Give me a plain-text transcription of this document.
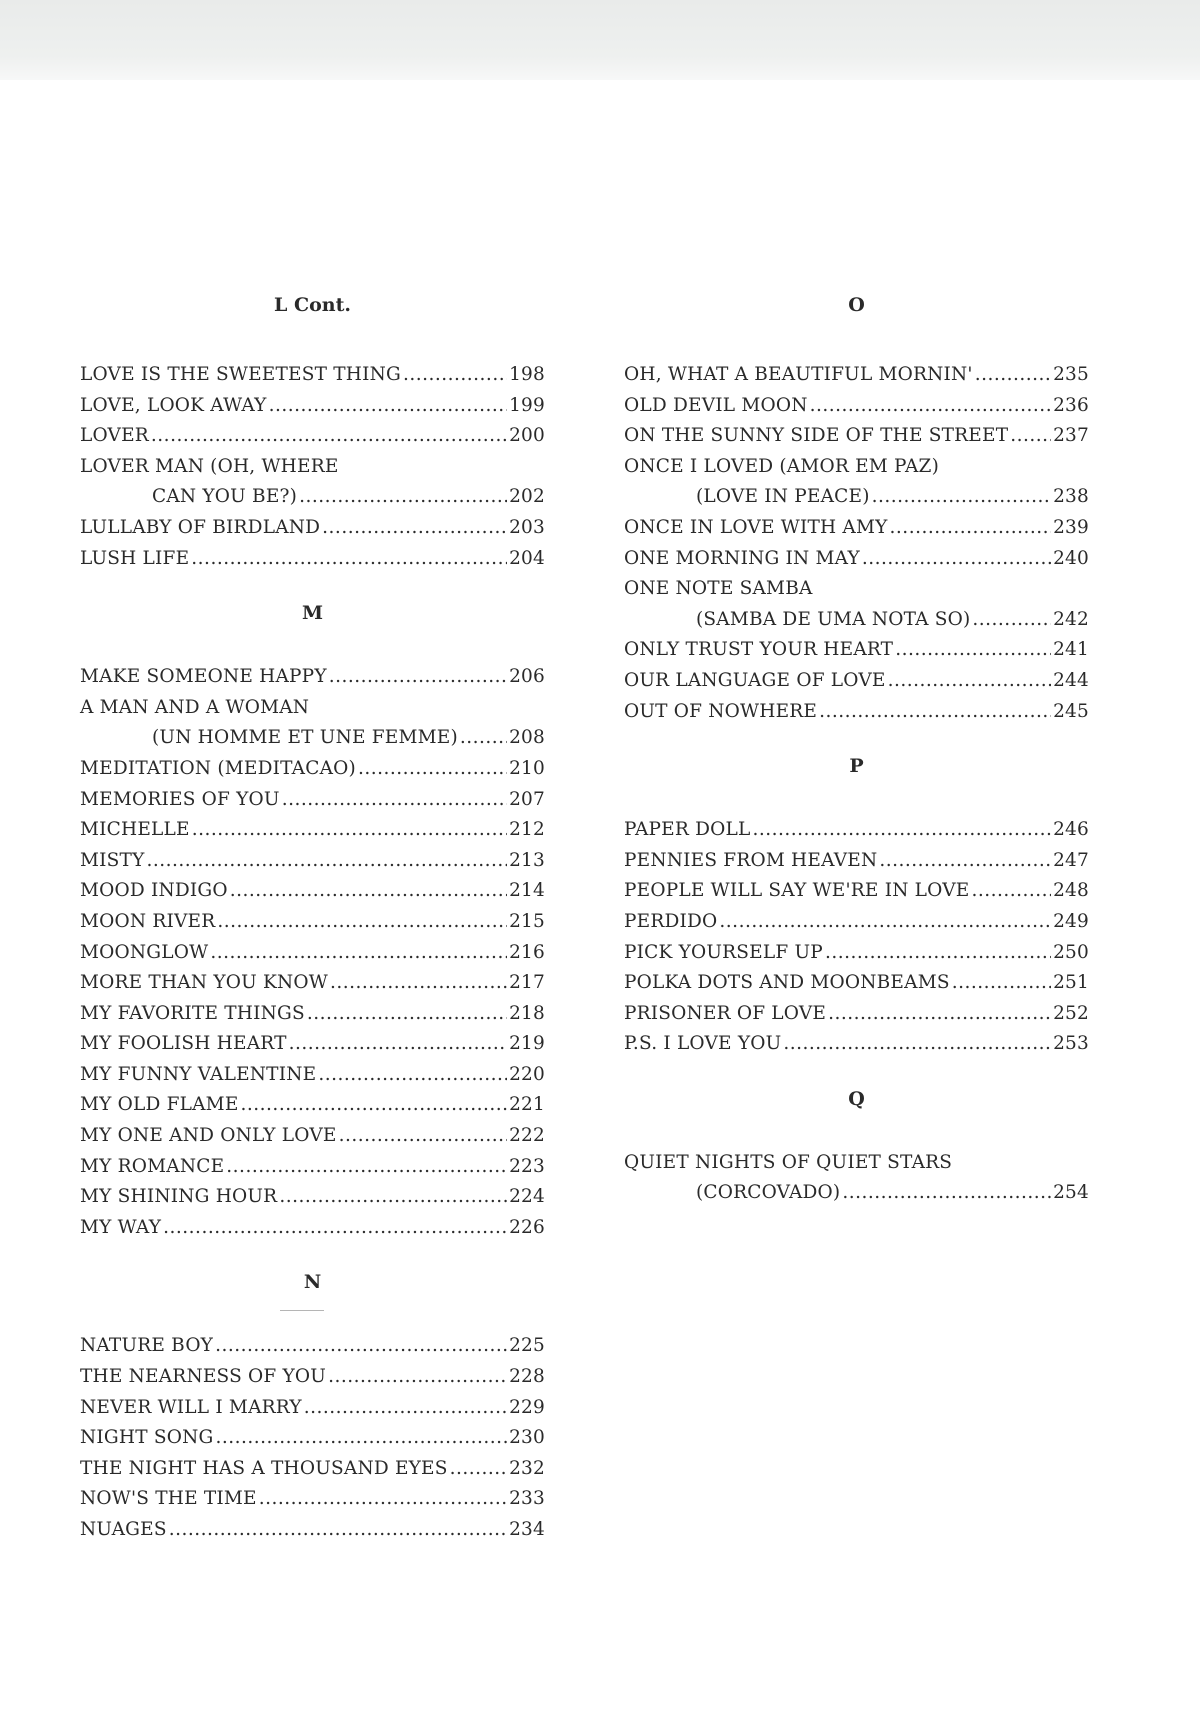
L Cont.
LOVE IS THE SWEETEST THING .....	198
LOVE, LOOK AWAY .....	199
LOVER .....	200
LOVER MAN (OH, WHERE
CAN YOU BE?) .....	202
LULLABY OF BIRDLAND .....	203
LUSH LIFE .....	204
M
MAKE SOMEONE HAPPY .....	206
A MAN AND A WOMAN
(UN HOMME ET UNE FEMME) .....	208
MEDITATION (MEDITACAO) .....	210
MEMORIES OF YOU .....	207
MICHELLE .....	212
MISTY .....	213
MOOD INDIGO .....	214
MOON RIVER .....	215
MOONGLOW .....	216
MORE THAN YOU KNOW .....	217
MY FAVORITE THINGS .....	218
MY FOOLISH HEART .....	219
MY FUNNY VALENTINE .....	220
MY OLD FLAME .....	221
MY ONE AND ONLY LOVE .....	222
MY ROMANCE .....	223
MY SHINING HOUR .....	224
MY WAY .....	226
N
NATURE BOY .....	225
THE NEARNESS OF YOU .....	228
NEVER WILL I MARRY .....	229
NIGHT SONG .....	230
THE NIGHT HAS A THOUSAND EYES .....	232
NOW'S THE TIME .....	233
NUAGES .....	234
O
OH, WHAT A BEAUTIFUL MORNIN' .....	235
OLD DEVIL MOON .....	236
ON THE SUNNY SIDE OF THE STREET ..... 237
ONCE I LOVED (AMOR EM PAZ)
(LOVE IN PEACE) .....	238
ONCE IN LOVE WITH AMY .....	239
ONE MORNING IN MAY .....	240
ONE NOTE SAMBA
(SAMBA DE UMA NOTA SO) .....	242
ONLY TRUST YOUR HEART .....	241
OUR LANGUAGE OF LOVE .....	244
OUT OF NOWHERE .....	245
P
PAPER DOLL .....	246
PENNIES FROM HEAVEN .....	247
PEOPLE WILL SAY WE'RE IN LOVE .....	248
PERDIDO .....	249
PICK YOURSELF UP .....	250
POLKA DOTS AND MOONBEAMS .....	251
PRISONER OF LOVE .....	252
P.S. I LOVE YOU .....	253
Q
QUIET NIGHTS OF QUIET STARS
(CORCOVADO) .....	254
